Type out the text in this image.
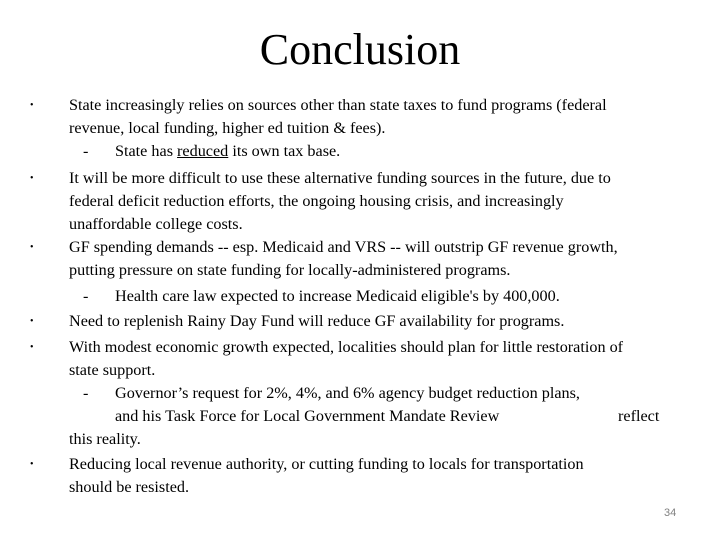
Conclusion
• State increasingly relies on sources other than state taxes to fund programs (federal
revenue, local funding, higher ed tuition & fees).
- State has reduced its own tax base.
• It will be more difficult to use these alternative funding sources in the future, due to
federal deficit reduction efforts, the ongoing housing crisis, and increasingly
unaffordable college costs.
• GF spending demands -- esp. Medicaid and VRS -- will outstrip GF revenue growth,
putting pressure on state funding for locally-administered programs.
- Health care law expected to increase Medicaid eligible's by 400,000.
• Need to replenish Rainy Day Fund will reduce GF availability for programs.
• With modest economic growth expected, localities should plan for little restoration of
state support.
- Governor’s request for 2%, 4%, and 6% agency budget reduction plans,
and his Task Force for Local Government Mandate Review	reflect
this reality.
• Reducing local revenue authority, or cutting funding to locals for transportation
should be resisted.
34
